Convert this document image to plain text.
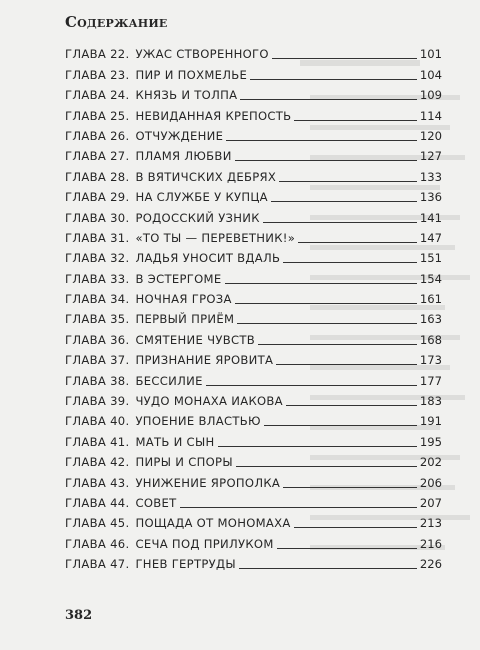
Содержание
ГЛАВА 22. УЖАС СТВОРЕННОГО	101
ГЛАВА 23. ПИР И ПОХМЕЛЬЕ	104
ГЛАВА 24. КНЯЗЬ И ТОЛПА	109
ГЛАВА 25. НЕВИДАННАЯ КРЕПОСТЬ	114
ГЛАВА 26. ОТЧУЖДЕНИЕ	120
ГЛАВА 27. ПЛАМЯ ЛЮБВИ	127
ГЛАВА 28. В ВЯТИЧСКИХ ДЕБРЯХ	133
ГЛАВА 29. НА СЛУЖБЕ У КУПЦА	136
ГЛАВА 30. РОДОССКИЙ УЗНИК	141
ГЛАВА 31. «ТО ТЫ — ПЕРЕВЕТНИК!»	147
ГЛАВА 32. ЛАДЬЯ УНОСИТ ВДАЛЬ	151
ГЛАВА 33. В ЭСТЕРГОМЕ	154
ГЛАВА 34. НОЧНАЯ ГРОЗА	161
ГЛАВА 35. ПЕРВЫЙ ПРИЁМ	163
ГЛАВА 36. СМЯТЕНИЕ ЧУВСТВ	168
ГЛАВА 37. ПРИЗНАНИЕ ЯРОВИТА	173
ГЛАВА 38. БЕССИЛИЕ	177
ГЛАВА 39. ЧУДО МОНАХА ИАКОВА	183
ГЛАВА 40. УПОЕНИЕ ВЛАСТЬЮ	191
ГЛАВА 41. МАТЬ И СЫН	195
ГЛАВА 42. ПИРЫ И СПОРЫ	202
ГЛАВА 43. УНИЖЕНИЕ ЯРОПОЛКА	206
ГЛАВА 44. СОВЕТ	207
ГЛАВА 45. ПОЩАДА ОТ МОНОМАХА	213
ГЛАВА 46. СЕЧА ПОД ПРИЛУКОМ	216
ГЛАВА 47. ГНЕВ ГЕРТРУДЫ	226
382
